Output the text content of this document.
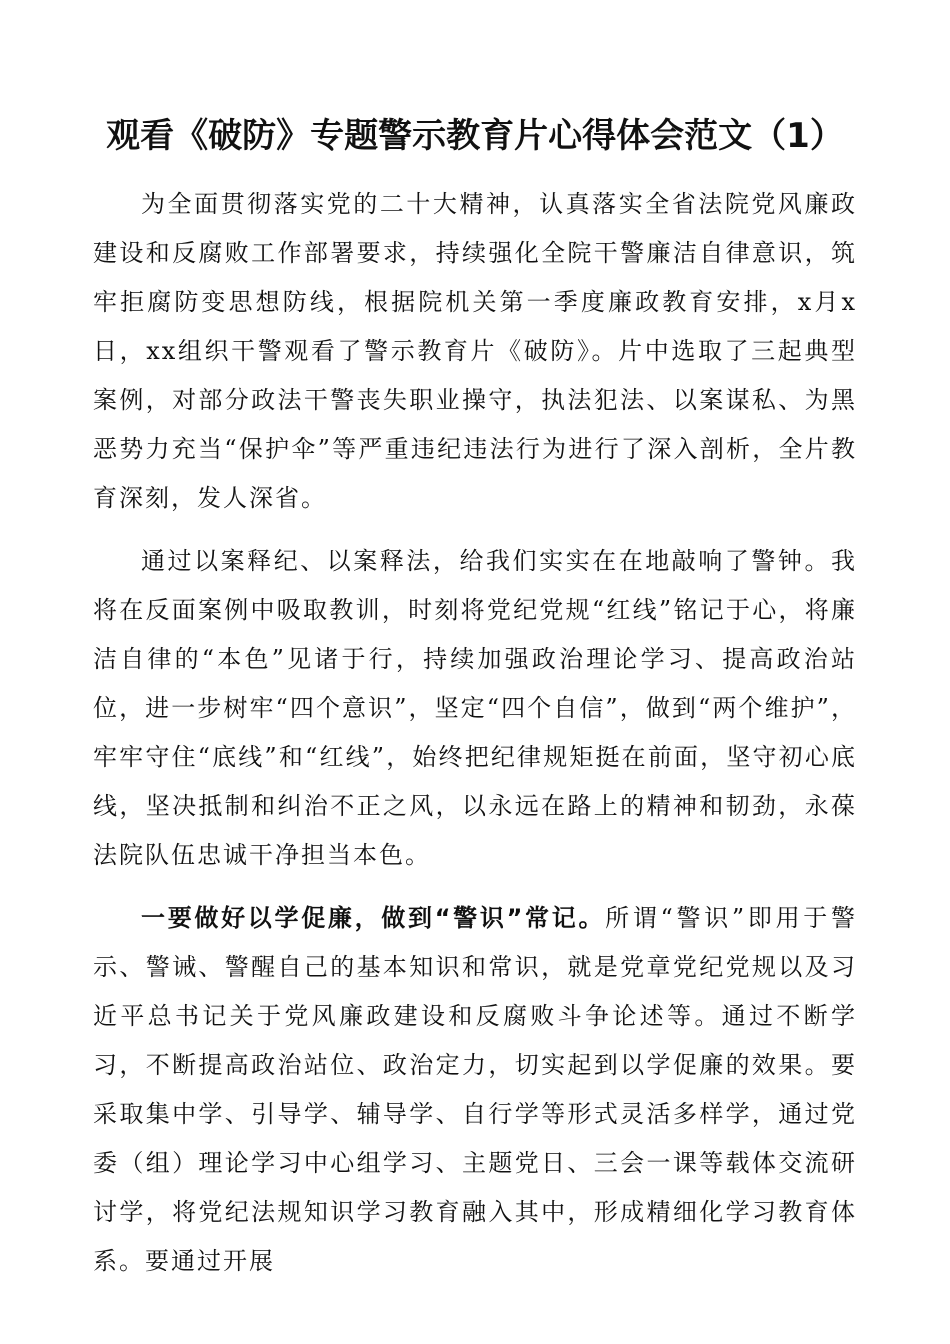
观看《破防》专题警示教育片心得体会范文（1）

为全面贯彻落实党的二十大精神，认真落实全省法院党风廉政建设和反腐败工作部署要求，持续强化全院干警廉洁自律意识，筑牢拒腐防变思想防线，根据院机关第一季度廉政教育安排，x月x日，xx组织干警观看了警示教育片《破防》。片中选取了三起典型案例，对部分政法干警丧失职业操守，执法犯法、以案谋私、为黑恶势力充当“保护伞”等严重违纪违法行为进行了深入剖析，全片教育深刻，发人深省。

通过以案释纪、以案释法，给我们实实在在地敲响了警钟。我将在反面案例中吸取教训，时刻将党纪党规“红线”铭记于心，将廉洁自律的“本色”见诸于行，持续加强政治理论学习、提高政治站位，进一步树牢“四个意识”，坚定“四个自信”，做到“两个维护”，牢牢守住“底线”和“红线”，始终把纪律规矩挺在前面，坚守初心底线，坚决抵制和纠治不正之风，以永远在路上的精神和韧劲，永葆法院队伍忠诚干净担当本色。

一要做好以学促廉，做到“警识”常记。所谓“警识”即用于警示、警诫、警醒自己的基本知识和常识，就是党章党纪党规以及习近平总书记关于党风廉政建设和反腐败斗争论述等。通过不断学习，不断提高政治站位、政治定力，切实起到以学促廉的效果。要采取集中学、引导学、辅导学、自行学等形式灵活多样学，通过党委（组）理论学习中心组学习、主题党日、三会一课等载体交流研讨学，将党纪法规知识学习教育融入其中，形成精细化学习教育体系。要通过开展
